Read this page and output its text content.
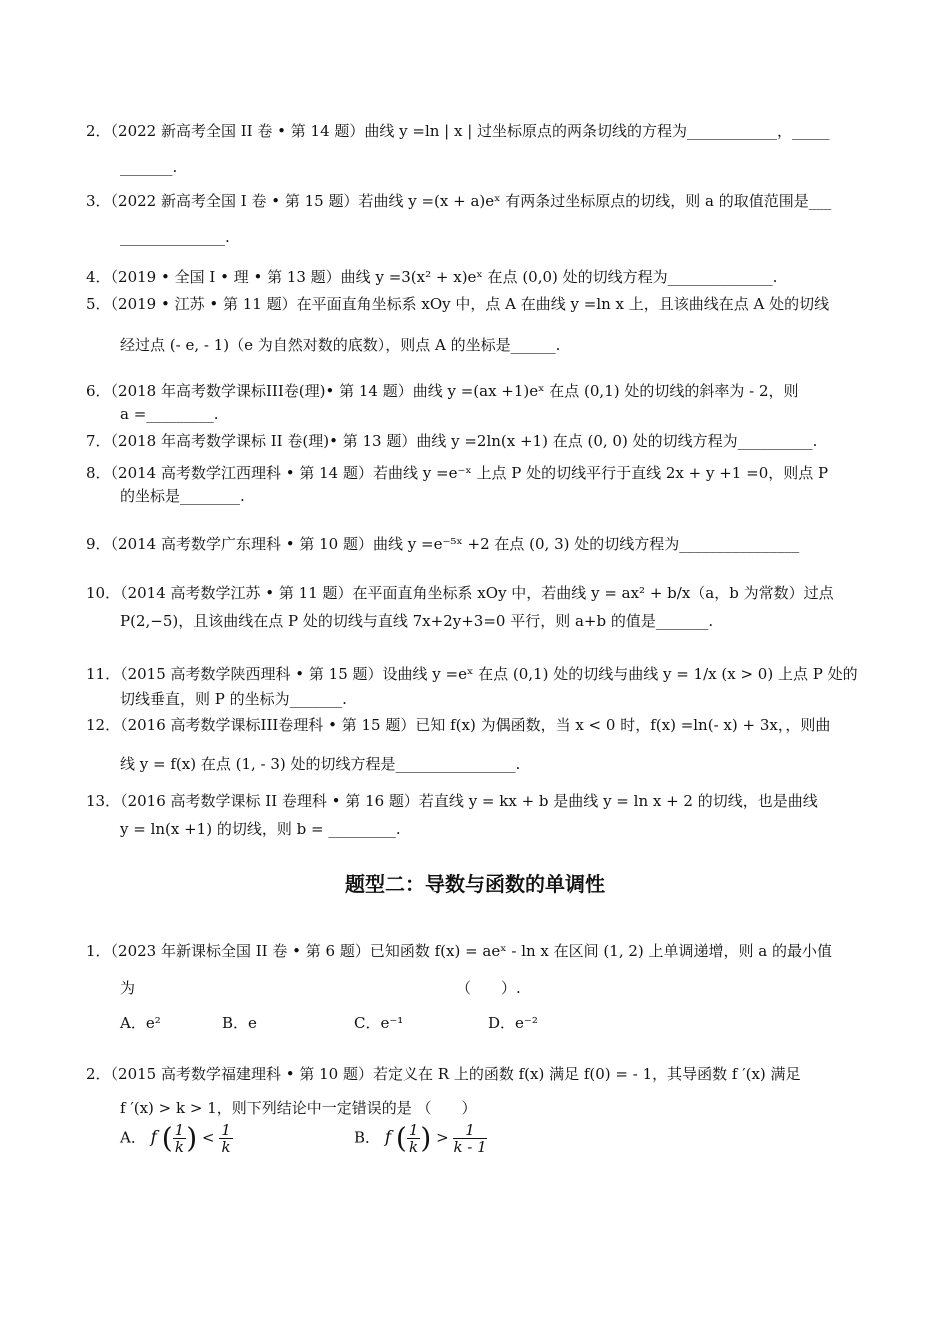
2．（2022 新高考全国 II 卷 • 第 14 题）曲线 y =ln | x | 过坐标原点的两条切线的方程为____________，_____
_______.
3．（2022 新高考全国 I 卷 • 第 15 题）若曲线 y =(x + a)eˣ 有两条过坐标原点的切线，则 a 的取值范围是___
______________.
4．（2019 • 全国 Ⅰ • 理 • 第 13 题）曲线 y =3(x² + x)eˣ 在点 (0,0) 处的切线方程为______________.
5．（2019 • 江苏 • 第 11 题）在平面直角坐标系 xOy 中，点 A 在曲线 y =ln x 上，且该曲线在点 A 处的切线
经过点 (- e, - 1)（e 为自然对数的底数），则点 A 的坐标是______.
6．（2018 年高考数学课标III卷(理)• 第 14 题）曲线 y =(ax +1)eˣ 在点 (0,1) 处的切线的斜率为 - 2，则
a =_________.
7．（2018 年高考数学课标 II 卷(理)• 第 13 题）曲线 y =2ln(x +1) 在点 (0, 0) 处的切线方程为__________.
8．（2014 高考数学江西理科 • 第 14 题）若曲线 y =e⁻ˣ 上点 P 处的切线平行于直线 2x + y +1 =0，则点 P
的坐标是________.
9．（2014 高考数学广东理科 • 第 10 题）曲线 y =e⁻⁵ˣ +2 在点 (0, 3) 处的切线方程为________________
10．（2014 高考数学江苏 • 第 11 题）在平面直角坐标系 xOy 中，若曲线 y = ax² + b/x（a，b 为常数）过点
P(2,−5)，且该曲线在点 P 处的切线与直线 7x+2y+3=0 平行，则 a+b 的值是_______.
11．（2015 高考数学陕西理科 • 第 15 题）设曲线 y =eˣ 在点 (0,1) 处的切线与曲线 y = 1/x (x > 0) 上点 P 处的
切线垂直，则 P 的坐标为_______.
12．（2016 高考数学课标III卷理科 • 第 15 题）已知 f(x) 为偶函数，当 x < 0 时，f(x) =ln(- x) + 3x，，则曲
线 y = f(x) 在点 (1, - 3) 处的切线方程是________________.
13．（2016 高考数学课标 II 卷理科 • 第 16 题）若直线 y = kx + b 是曲线 y = ln x + 2 的切线，也是曲线
y = ln(x +1) 的切线，则 b = _________.
题型二：导数与函数的单调性
1．（2023 年新课标全国 II 卷 • 第 6 题）已知函数 f(x) = aeˣ - ln x 在区间 (1, 2) 上单调递增，则 a 的最小值
为	（　　）.
A．e²	B．e	C．e⁻¹	D．e⁻²
2．（2015 高考数学福建理科 • 第 10 题）若定义在 R 上的函数 f(x) 满足 f(0) = - 1，其导函数 f ′(x) 满足
f ′(x) > k > 1，则下列结论中一定错误的是 （　　）
A． f ( $\frac{1}{k}$ ) < $\frac{1}{k}$	B． f ( $\frac{1}{k}$ ) > $\frac{1}{k - 1}$
